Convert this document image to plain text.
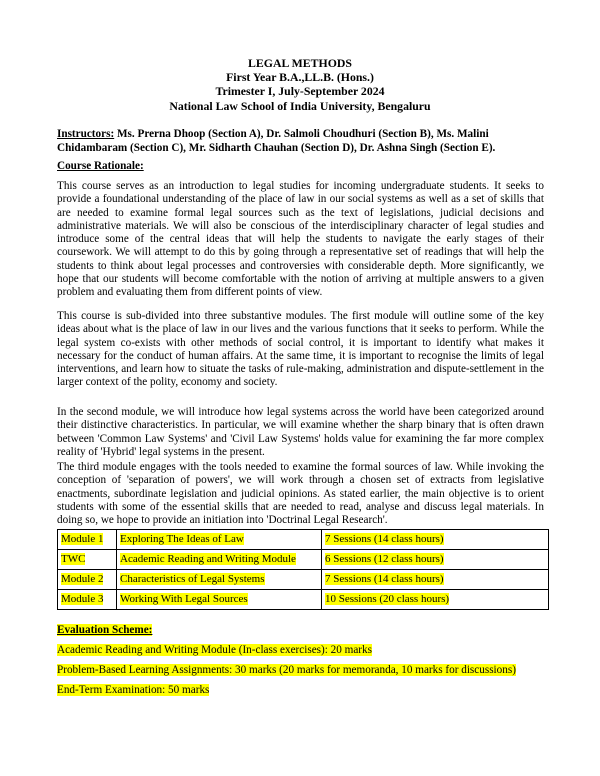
LEGAL METHODS
First Year B.A.,LL.B. (Hons.)
Trimester I, July-September 2024
National Law School of India University, Bengaluru
Instructors: Ms. Prerna Dhoop (Section A), Dr. Salmoli Choudhuri (Section B), Ms. Malini
Chidambaram (Section C), Mr. Sidharth Chauhan (Section D), Dr. Ashna Singh (Section E).
Course Rationale:
This course serves as an introduction to legal studies for incoming undergraduate students. It seeks to provide a foundational understanding of the place of law in our social systems as well as a set of skills that are needed to examine formal legal sources such as the text of legislations, judicial decisions and administrative materials. We will also be conscious of the interdisciplinary character of legal studies and introduce some of the central ideas that will help the students to navigate the early stages of their coursework. We will attempt to do this by going through a representative set of readings that will help the students to think about legal processes and controversies with considerable depth. More significantly, we hope that our students will become comfortable with the notion of arriving at multiple answers to a given problem and evaluating them from different points of view.
This course is sub-divided into three substantive modules. The first module will outline some of the key ideas about what is the place of law in our lives and the various functions that it seeks to perform. While the legal system co-exists with other methods of social control, it is important to identify what makes it necessary for the conduct of human affairs. At the same time, it is important to recognise the limits of legal interventions, and learn how to situate the tasks of rule-making, administration and dispute-settlement in the larger context of the polity, economy and society.
In the second module, we will introduce how legal systems across the world have been categorized around their distinctive characteristics. In particular, we will examine whether the sharp binary that is often drawn between 'Common Law Systems' and 'Civil Law Systems' holds value for examining the far more complex reality of 'Hybrid' legal systems in the present.
The third module engages with the tools needed to examine the formal sources of law. While invoking the conception of 'separation of powers', we will work through a chosen set of extracts from legislative enactments, subordinate legislation and judicial opinions. As stated earlier, the main objective is to orient students with some of the essential skills that are needed to read, analyse and discuss legal materials. In doing so, we hope to provide an initiation into 'Doctrinal Legal Research'.
Module 1	Exploring The Ideas of Law	7 Sessions (14 class hours)
TWC	Academic Reading and Writing Module	6 Sessions (12 class hours)
Module 2	Characteristics of Legal Systems	7 Sessions (14 class hours)
Module 3	Working With Legal Sources	10 Sessions (20 class hours)
Evaluation Scheme:
Academic Reading and Writing Module (In-class exercises): 20 marks
Problem-Based Learning Assignments: 30 marks (20 marks for memoranda, 10 marks for discussions)
End-Term Examination: 50 marks
